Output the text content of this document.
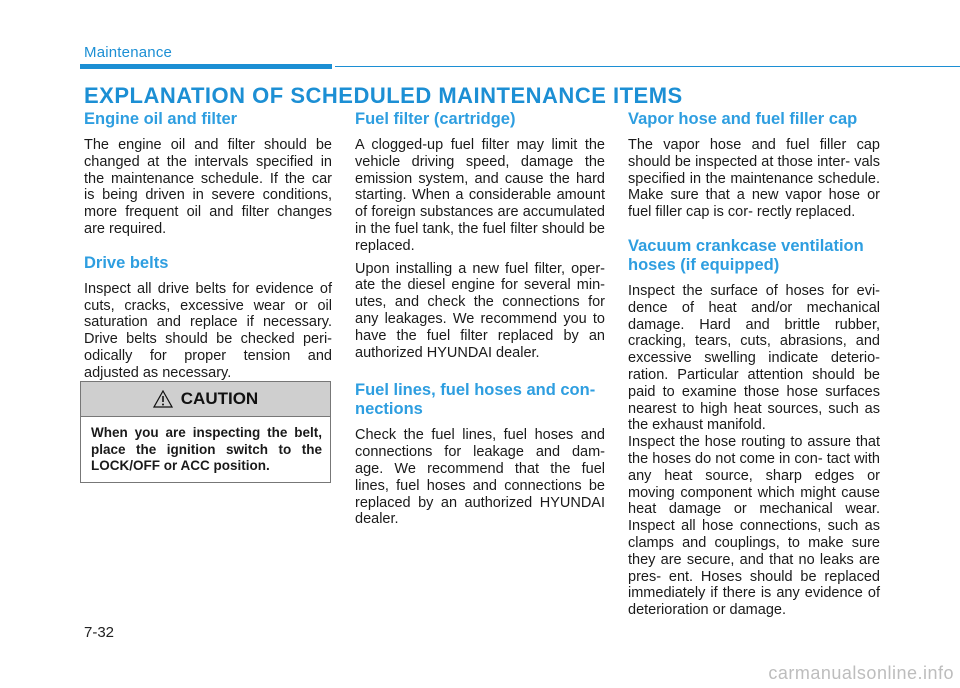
Maintenance
EXPLANATION OF SCHEDULED MAINTENANCE ITEMS
Engine oil and filter

The engine oil and filter should be changed at the intervals specified in the maintenance schedule. If the car is being driven in severe conditions, more frequent oil and filter changes are required.

Drive belts

Inspect all drive belts for evidence of cuts, cracks, excessive wear or oil saturation and replace if necessary. Drive belts should be checked peri- odically for proper tension and adjusted as necessary.

CAUTION
When you are inspecting the belt, place the ignition switch to the LOCK/OFF or ACC position.
Fuel filter (cartridge)

A clogged-up fuel filter may limit the vehicle driving speed, damage the emission system, and cause the hard starting. When a considerable amount of foreign substances are accumulated in the fuel tank, the fuel filter should be replaced.

Upon installing a new fuel filter, oper- ate the diesel engine for several min- utes, and check the connections for any leakages. We recommend you to have the fuel filter replaced by an authorized HYUNDAI dealer.

Fuel lines, fuel hoses and con- nections

Check the fuel lines, fuel hoses and connections for leakage and dam- age. We recommend that the fuel lines, fuel hoses and connections be replaced by an authorized HYUNDAI dealer.

Vapor hose and fuel filler cap

The vapor hose and fuel filler cap should be inspected at those inter- vals specified in the maintenance schedule. Make sure that a new vapor hose or fuel filler cap is cor- rectly replaced.

Vacuum crankcase ventilation hoses (if equipped)

Inspect the surface of hoses for evi- dence of heat and/or mechanical damage. Hard and brittle rubber, cracking, tears, cuts, abrasions, and excessive swelling indicate deterio- ration. Particular attention should be paid to examine those hose surfaces nearest to high heat sources, such as the exhaust manifold.

Inspect the hose routing to assure that the hoses do not come in con- tact with any heat source, sharp edges or moving component which might cause heat damage or mechanical wear. Inspect all hose connections, such as clamps and couplings, to make sure they are secure, and that no leaks are pres- ent. Hoses should be replaced immediately if there is any evidence of deterioration or damage.

7-32
carmanualsonline.info
